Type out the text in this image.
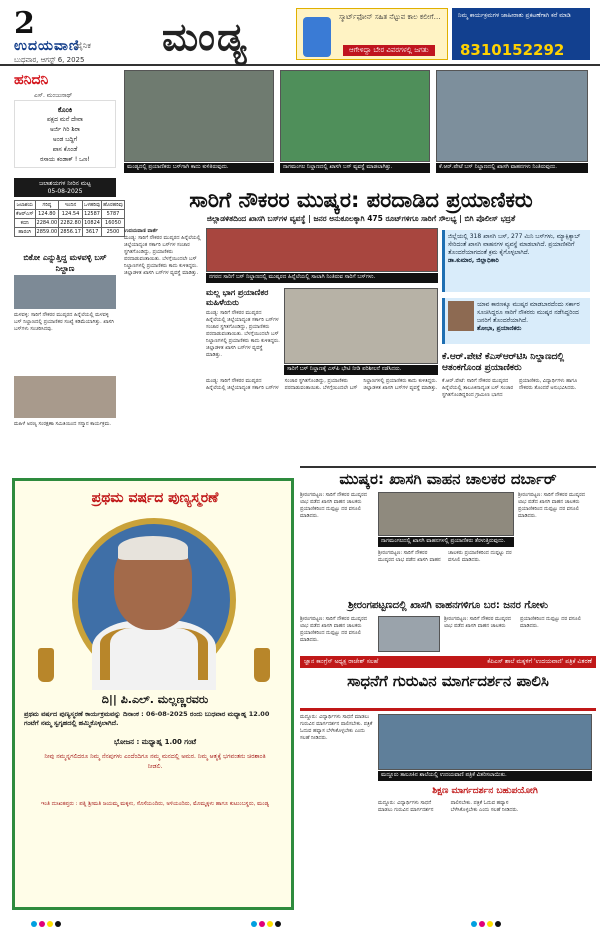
2
ಉದಯವಾಣಿ
ದೈನಿಕ
ಬುಧವಾರ, ಆಗಸ್ಟ್ 6, 2025
ಮಂಡ್ಯ	ಸ್ಮಾರ್ಟ್‌ಫೋನ್ ಸಹಿತ ನೆಟ್ಟುವ ಕಾಲ ಕಲೀಗೆ…
ಆಗೇಳಿದ್ದಾ ಬೇರ ವಿವರಗಳಲ್ಲಿ ಜಗತು
ನಿಮ್ಮ ಕಾರ್ಯಕ್ರಮಗಳ ಜಾಹೀರಾತು ಪ್ರಕಟಣೆಗಾಗಿ ಕರೆ ಮಾಡಿ
8310152292
ಹನಿದನಿ
ಎಸ್. ಮಂಜುನಾಥ್
ಕೊಂಕಿ
ಪಕ್ಷದ ಮನೆ ದೇವಾ
ಅರ್ಜಿ ಗಿರಿ ಶಿರಾ
ಅಂಡ ಬದ್ಧಿಗೆ
ಪಾಸ ಕೊಂಡೆ
ರಸಾಯ ಕಂಡಾಕ್ ! ಒಣ!
ಜಲಾಶಯಗಳ ನೀರಿನ ಮಟ್ಟ
05-08-2025
ಜಲಾಶಯ	ಗರಿಷ್ಠ	ಇಂದಿನ	ಒಳಹರಿವು	ಹೊರಹರಿವು
ಕೆಆರ್‌ಎಸ್	124.80	124.54	12587	5787
ಕಬಿನಿ	2284.00	2282.80	10824	16050
ಹಾರಂಗಿ	2859.00	2856.17	3617	2500
ಬಿಕೋ ಎನ್ನುತ್ತಿದ್ದ ಮಳವಳ್ಳಿ ಬಸ್ ನಿಲ್ದಾಣ
ಮಳವಳ್ಳಿ: ಸಾರಿಗೆ ನೌಕರರ ಮುಷ್ಕರದ ಹಿನ್ನೆಲೆಯಲ್ಲಿ ಮಳವಳ್ಳಿ ಬಸ್ ನಿಲ್ದಾಣದಲ್ಲಿ ಪ್ರಯಾಣಿಕರ ಸಂಖ್ಯೆ ಕಡಿಮೆಯಾಗಿತ್ತು. ಖಾಸಗಿ ಬಸ್‌ಗಳು ಸಂಚರಿಸಿದವು.
ಮಹಿಳೆ ಅರಣ್ಯ ಸಂರಕ್ಷಣಾ ಸಮಿತಿಯಿಂದ ಸನ್ಮಾನ ಕಾರ್ಯಕ್ರಮ.
ಮಂಡ್ಯದಲ್ಲಿ ಪ್ರಯಾಣಿಕರು ಬಸ್‌ಗಾಗಿ ಕಾದು ಕುಳಿತಿರುವುದು.	ನಾಗಮಂಗಲ ನಿಲ್ದಾಣದಲ್ಲಿ ಖಾಸಗಿ ಬಸ್ ವ್ಯವಸ್ಥೆ ಮಾಡಲಾಗಿತ್ತು.	ಕೆ.ಆರ್.ಪೇಟೆ ಬಸ್ ನಿಲ್ದಾಣದಲ್ಲಿ ಖಾಸಗಿ ವಾಹನಗಳು ನಿಂತಿರುವುದು.
ಸಾರಿಗೆ ನೌಕರರ ಮುಷ್ಕರ: ಪರದಾಡಿದ ಪ್ರಯಾಣಿಕರು
ಜಿಲ್ಲಾಡಳಿತದಿಂದ ಖಾಸಗಿ ಬಸ್‌ಗಳ ವ್ಯವಸ್ಥೆ | ಜನರ ಅನುಕೂಲಕ್ಕಾಗಿ 475 ರೂಟ್‌ಗಳಿಗೂ ಸಾರಿಗೆ ಸೌಲಭ್ಯ | ಬಿಗಿ ಪೊಲೀಸ್ ಭದ್ರತೆ
ಉದಯವಾಣಿ ವಾರ್ತೆ
ಮಂಡ್ಯ: ಸಾರಿಗೆ ನೌಕರರ ಮುಷ್ಕರದ ಹಿನ್ನೆಲೆಯಲ್ಲಿ ಜಿಲ್ಲೆಯಾದ್ಯಂತ ಸರ್ಕಾರಿ ಬಸ್‌ಗಳ ಸಂಚಾರ ಸ್ಥಗಿತಗೊಂಡಿದ್ದು, ಪ್ರಯಾಣಿಕರು ಪರದಾಡುವಂತಾಯಿತು. ಬೆಳಗ್ಗೆಯಿಂದಲೇ ಬಸ್ ನಿಲ್ದಾಣಗಳಲ್ಲಿ ಪ್ರಯಾಣಿಕರು ಕಾದು ಕುಳಿತಿದ್ದರು. ಜಿಲ್ಲಾಡಳಿತ ಖಾಸಗಿ ಬಸ್‌ಗಳ ವ್ಯವಸ್ಥೆ ಮಾಡಿತ್ತು.
ನಗರದ ಸಾರಿಗೆ ಬಸ್ ನಿಲ್ದಾಣದಲ್ಲಿ ಮುಷ್ಕರದ ಹಿನ್ನೆಲೆಯಲ್ಲಿ ಸಾಲಾಗಿ ನಿಂತಿರುವ ಸಾರಿಗೆ ಬಸ್‌ಗಳು.
ಜಿಲ್ಲೆಯಲ್ಲಿ 318 ಖಾಸಗಿ ಬಸ್, 277 ಮಿನಿ ಬಸ್‌ಗಳು, ಮ್ಯಾಕ್ಸಿಕ್ಯಾಬ್ ಸೇರಿದಂತೆ ಖಾಸಗಿ ವಾಹನಗಳ ವ್ಯವಸ್ಥೆ ಮಾಡಲಾಗಿದೆ. ಪ್ರಯಾಣಿಕರಿಗೆ ತೊಂದರೆಯಾಗದಂತೆ ಕ್ರಮ ಕೈಗೊಳ್ಳಲಾಗಿದೆ.
ಡಾ.ಕುಮಾರ, ಜಿಲ್ಲಾಧಿಕಾರಿ
ಮಲ್ಲ ಭಾಗ ಪ್ರಯಾಣಿಕರ ಮಹಿಳೆಯರು
ಮಂಡ್ಯ: ಸಾರಿಗೆ ನೌಕರರ ಮುಷ್ಕರದ ಹಿನ್ನೆಲೆಯಲ್ಲಿ ಜಿಲ್ಲೆಯಾದ್ಯಂತ ಸರ್ಕಾರಿ ಬಸ್‌ಗಳ ಸಂಚಾರ ಸ್ಥಗಿತಗೊಂಡಿದ್ದು, ಪ್ರಯಾಣಿಕರು ಪರದಾಡುವಂತಾಯಿತು. ಬೆಳಗ್ಗೆಯಿಂದಲೇ ಬಸ್ ನಿಲ್ದಾಣಗಳಲ್ಲಿ ಪ್ರಯಾಣಿಕರು ಕಾದು ಕುಳಿತಿದ್ದರು. ಜಿಲ್ಲಾಡಳಿತ ಖಾಸಗಿ ಬಸ್‌ಗಳ ವ್ಯವಸ್ಥೆ ಮಾಡಿತ್ತು.
ಸಾರಿಗೆ ಬಸ್ ನಿಲ್ದಾಣಕ್ಕೆ ಎಸ್‌ಪಿ ಭೇಟಿ ನೀಡಿ ಪರಿಶೀಲನೆ ನಡೆಸಿದರು.
ಯಾವ ಕಾರಣಕ್ಕೂ ಮುಷ್ಕರ ಮಾಡಬಾರದೆಂದು ಸರ್ಕಾರ ಸೂಚಿಸಿದ್ದರೂ ಸಾರಿಗೆ ನೌಕರರು ಮುಷ್ಕರ ನಡೆಸಿದ್ದರಿಂದ ಜನರಿಗೆ ತೊಂದರೆಯಾಗಿದೆ.
ಶೋಭಾ, ಪ್ರಯಾಣಿಕರು
ಮಂಡ್ಯ: ಸಾರಿಗೆ ನೌಕರರ ಮುಷ್ಕರದ ಹಿನ್ನೆಲೆಯಲ್ಲಿ ಜಿಲ್ಲೆಯಾದ್ಯಂತ ಸರ್ಕಾರಿ ಬಸ್‌ಗಳ ಸಂಚಾರ ಸ್ಥಗಿತಗೊಂಡಿದ್ದು, ಪ್ರಯಾಣಿಕರು ಪರದಾಡುವಂತಾಯಿತು. ಬೆಳಗ್ಗೆಯಿಂದಲೇ ಬಸ್ ನಿಲ್ದಾಣಗಳಲ್ಲಿ ಪ್ರಯಾಣಿಕರು ಕಾದು ಕುಳಿತಿದ್ದರು. ಜಿಲ್ಲಾಡಳಿತ ಖಾಸಗಿ ಬಸ್‌ಗಳ ವ್ಯವಸ್ಥೆ ಮಾಡಿತ್ತು.
ಕೆ.ಆರ್.ಪೇಟೆ ಕೆಎಸ್‌ಆರ್‌ಟಿಸಿ ನಿಲ್ದಾಣದಲ್ಲಿ ಆತಂಕಗೊಂಡ ಪ್ರಯಾಣಿಕರು
ಕೆ.ಆರ್.ಪೇಟೆ: ಸಾರಿಗೆ ನೌಕರರ ಮುಷ್ಕರದ ಹಿನ್ನೆಲೆಯಲ್ಲಿ ತಾಲೂಕಿನಾದ್ಯಂತ ಬಸ್ ಸಂಚಾರ ಸ್ಥಗಿತಗೊಂಡಿದ್ದರಿಂದ ಗ್ರಾಮೀಣ ಭಾಗದ ಪ್ರಯಾಣಿಕರು, ವಿದ್ಯಾರ್ಥಿಗಳು ಹಾಗೂ ನೌಕರರು ತೊಂದರೆ ಅನುಭವಿಸಿದರು.
ಮುಷ್ಕರ: ಖಾಸಗಿ ವಾಹನ ಚಾಲಕರ ದರ್ಬಾರ್
ಶ್ರೀರಂಗಪಟ್ಟಣ: ಸಾರಿಗೆ ನೌಕರರ ಮುಷ್ಕರದ ಲಾಭ ಪಡೆದ ಖಾಸಗಿ ವಾಹನ ಚಾಲಕರು ಪ್ರಯಾಣಿಕರಿಂದ ದುಪ್ಪಟ್ಟು ದರ ವಸೂಲಿ ಮಾಡಿದರು.
ನಾಗಮಂಗಲದಲ್ಲಿ ಖಾಸಗಿ ವಾಹನಗಳಲ್ಲಿ ಪ್ರಯಾಣಿಕರು ತೆರಳುತ್ತಿರುವುದು.
ಶ್ರೀರಂಗಪಟ್ಟಣ: ಸಾರಿಗೆ ನೌಕರರ ಮುಷ್ಕರದ ಲಾಭ ಪಡೆದ ಖಾಸಗಿ ವಾಹನ ಚಾಲಕರು ಪ್ರಯಾಣಿಕರಿಂದ ದುಪ್ಪಟ್ಟು ದರ ವಸೂಲಿ ಮಾಡಿದರು.
ಶ್ರೀರಂಗಪಟ್ಟಣ: ಸಾರಿಗೆ ನೌಕರರ ಮುಷ್ಕರದ ಲಾಭ ಪಡೆದ ಖಾಸಗಿ ವಾಹನ ಚಾಲಕರು ಪ್ರಯಾಣಿಕರಿಂದ ದುಪ್ಪಟ್ಟು ದರ ವಸೂಲಿ ಮಾಡಿದರು.
ಶ್ರೀರಂಗಪಟ್ಟಣದಲ್ಲಿ ಖಾಸಗಿ ವಾಹನಗಳಿಗೂ ಬರ: ಜನರ ಗೋಳು
ಶ್ರೀರಂಗಪಟ್ಟಣ: ಸಾರಿಗೆ ನೌಕರರ ಮುಷ್ಕರದ ಲಾಭ ಪಡೆದ ಖಾಸಗಿ ವಾಹನ ಚಾಲಕರು ಪ್ರಯಾಣಿಕರಿಂದ ದುಪ್ಪಟ್ಟು ದರ ವಸೂಲಿ ಮಾಡಿದರು.
ಶ್ರೀರಂಗಪಟ್ಟಣ: ಸಾರಿಗೆ ನೌಕರರ ಮುಷ್ಕರದ ಲಾಭ ಪಡೆದ ಖಾಸಗಿ ವಾಹನ ಚಾಲಕರು ಪ್ರಯಾಣಿಕರಿಂದ ದುಪ್ಪಟ್ಟು ದರ ವಸೂಲಿ ಮಾಡಿದರು.
ಜ್ಞಾನ ಕಾಂಗ್ರೆಸ್ ಅಧ್ಯಕ್ಷ ರಾಜೇಶ್ ಸಲಹೆ	ಕೆಪಿಎಸ್ ಶಾಲೆ ಮಕ್ಕಳಿಗೆ 'ಉದಯವಾಣಿ' ಪತ್ರಿಕೆ ವಿತರಣೆ
ಸಾಧನೆಗೆ ಗುರುವಿನ ಮಾರ್ಗದರ್ಶನ ಪಾಲಿಸಿ
ಮದ್ದೂರು: ವಿದ್ಯಾರ್ಥಿಗಳು ಸಾಧನೆ ಮಾಡಲು ಗುರುವಿನ ಮಾರ್ಗದರ್ಶನ ಪಾಲಿಸಬೇಕು. ಪತ್ರಿಕೆ ಓದುವ ಹವ್ಯಾಸ ಬೆಳೆಸಿಕೊಳ್ಳಬೇಕು ಎಂದು ಸಲಹೆ ನೀಡಿದರು.
ಮದ್ದೂರು ತಾಲೂಕಿನ ಶಾಲೆಯಲ್ಲಿ ಉದಯವಾಣಿ ಪತ್ರಿಕೆ ವಿತರಿಸಲಾಯಿತು.
ಶಿಕ್ಷಣ ಮಾರ್ಗದರ್ಶನ ಬಹುಪಯೋಗಿ
ಮದ್ದೂರು: ವಿದ್ಯಾರ್ಥಿಗಳು ಸಾಧನೆ ಮಾಡಲು ಗುರುವಿನ ಮಾರ್ಗದರ್ಶನ ಪಾಲಿಸಬೇಕು. ಪತ್ರಿಕೆ ಓದುವ ಹವ್ಯಾಸ ಬೆಳೆಸಿಕೊಳ್ಳಬೇಕು ಎಂದು ಸಲಹೆ ನೀಡಿದರು.
ಪ್ರಥಮ ವರ್ಷದ ಪುಣ್ಯಸ್ಮರಣೆ
ದಿ|| ಪಿ.ಎಲ್. ಮಲ್ಲಣ್ಣರವರು
ಪ್ರಥಮ ವರ್ಷದ ಪುಣ್ಯಸ್ಮರಣೆ ಕಾರ್ಯಕ್ರಮವನ್ನು ದಿನಾಂಕ : 06-08-2025 ರಂದು ಬುಧವಾರ ಮಧ್ಯಾಹ್ನ 12.00 ಗಂಟೆಗೆ ನಮ್ಮ ಸ್ವಗೃಹದಲ್ಲಿ ಹಮ್ಮಿಕೊಳ್ಳಲಾಗಿದೆ.
ಭೋಜನ : ಮಧ್ಯಾಹ್ನ 1.00 ಗಂಟೆ
ನೀವು ನಮ್ಮನ್ನಗಲಿದರೂ ನಿಮ್ಮ ನೆನಪುಗಳು ಎಂದೆಂದಿಗೂ ನಮ್ಮ ಮನದಲ್ಲಿ ಅಮರ. ನಿಮ್ಮ ಆತ್ಮಕ್ಕೆ ಭಗವಂತನು ಚಿರಶಾಂತಿ ನೀಡಲಿ.
ಇಂತಿ ದುಃಖತಪ್ತರು : ಪತ್ನಿ ಶ್ರೀಮತಿ ಜಯಮ್ಮ ಮಕ್ಕಳು, ಸೊಸೆಯಂದಿರು, ಅಳಿಯಂದಿರು, ಮೊಮ್ಮಕ್ಕಳು ಹಾಗೂ ಕುಟುಂಬಸ್ಥರು, ಮಂಡ್ಯ
